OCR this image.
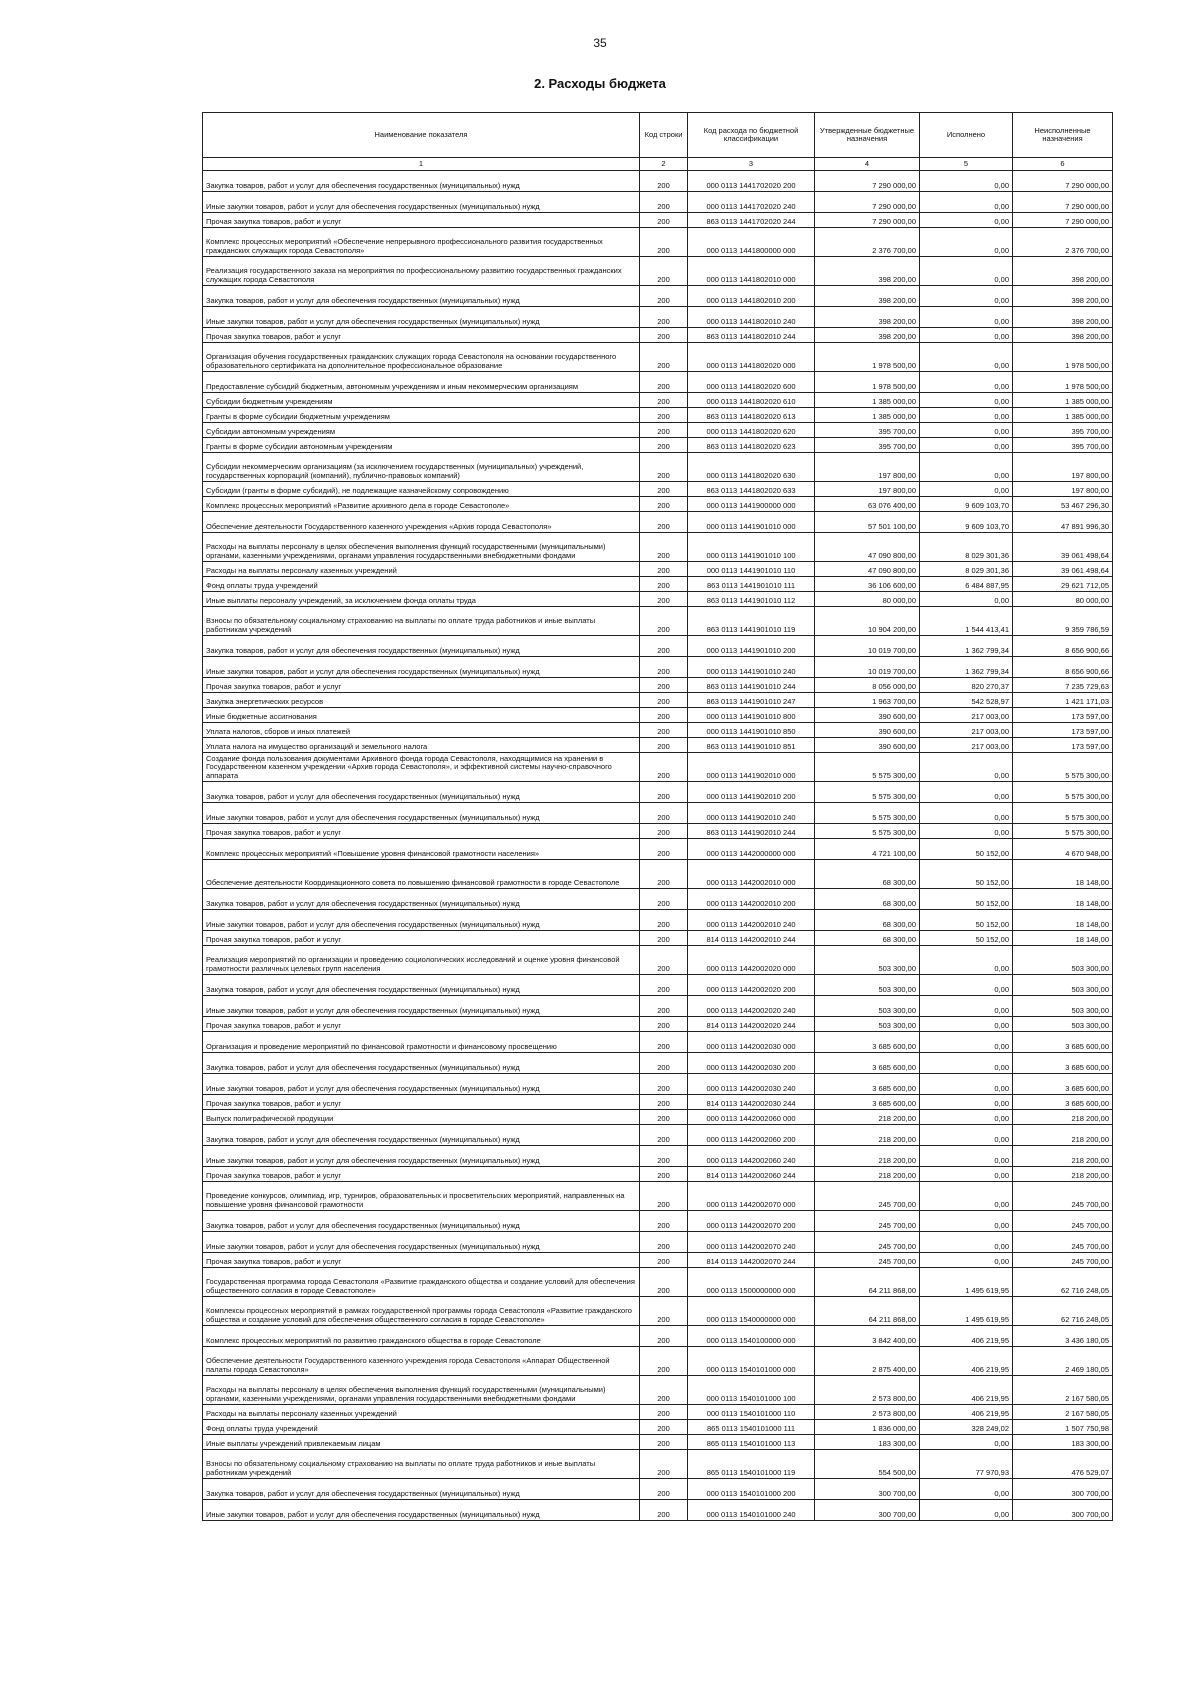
35
2. Расходы бюджета
Наименование показателя	Код строки	Код расхода по бюджетной классификации	Утвержденные бюджетные назначения	Исполнено	Неисполненные назначения
1	2	3	4	5	6
Закупка товаров, работ и услуг для обеспечения государственных (муниципальных) нужд	200	000 0113 1441702020 200	7 290 000,00	0,00	7 290 000,00
Иные закупки товаров, работ и услуг для обеспечения государственных (муниципальных) нужд	200	000 0113 1441702020 240	7 290 000,00	0,00	7 290 000,00
Прочая закупка товаров, работ и услуг	200	863 0113 1441702020 244	7 290 000,00	0,00	7 290 000,00
Комплекс процессных мероприятий «Обеспечение непрерывного профессионального развития государственных гражданских служащих города Севастополя»	200	000 0113 1441800000 000	2 376 700,00	0,00	2 376 700,00
Реализация государственного заказа на мероприятия по профессиональному развитию государственных гражданских служащих города Севастополя	200	000 0113 1441802010 000	398 200,00	0,00	398 200,00
Закупка товаров, работ и услуг для обеспечения государственных (муниципальных) нужд	200	000 0113 1441802010 200	398 200,00	0,00	398 200,00
Иные закупки товаров, работ и услуг для обеспечения государственных (муниципальных) нужд	200	000 0113 1441802010 240	398 200,00	0,00	398 200,00
Прочая закупка товаров, работ и услуг	200	863 0113 1441802010 244	398 200,00	0,00	398 200,00
Организация обучения государственных гражданских служащих города Севастополя на основании государственного образовательного сертификата на дополнительное профессиональное образование	200	000 0113 1441802020 000	1 978 500,00	0,00	1 978 500,00
Предоставление субсидий бюджетным, автономным учреждениям и иным некоммерческим организациям	200	000 0113 1441802020 600	1 978 500,00	0,00	1 978 500,00
Субсидии бюджетным учреждениям	200	000 0113 1441802020 610	1 385 000,00	0,00	1 385 000,00
Гранты в форме субсидии бюджетным учреждениям	200	863 0113 1441802020 613	1 385 000,00	0,00	1 385 000,00
Субсидии автономным учреждениям	200	000 0113 1441802020 620	395 700,00	0,00	395 700,00
Гранты в форме субсидии автономным учреждениям	200	863 0113 1441802020 623	395 700,00	0,00	395 700,00
Субсидии некоммерческим организациям (за исключением государственных (муниципальных) учреждений, государственных корпораций (компаний), публично-правовых компаний)	200	000 0113 1441802020 630	197 800,00	0,00	197 800,00
Субсидии (гранты в форме субсидий), не подлежащие казначейскому сопровождению	200	863 0113 1441802020 633	197 800,00	0,00	197 800,00
Комплекс процессных мероприятий «Развитие архивного дела в городе Севастополе»	200	000 0113 1441900000 000	63 076 400,00	9 609 103,70	53 467 296,30
Обеспечение деятельности Государственного казенного учреждения «Архив города Севастополя»	200	000 0113 1441901010 000	57 501 100,00	9 609 103,70	47 891 996,30
Расходы на выплаты персоналу в целях обеспечения выполнения функций государственными (муниципальными) органами, казенными учреждениями, органами управления государственными внебюджетными фондами	200	000 0113 1441901010 100	47 090 800,00	8 029 301,36	39 061 498,64
Расходы на выплаты персоналу казенных учреждений	200	000 0113 1441901010 110	47 090 800,00	8 029 301,36	39 061 498,64
Фонд оплаты труда учреждений	200	863 0113 1441901010 111	36 106 600,00	6 484 887,95	29 621 712,05
Иные выплаты персоналу учреждений, за исключением фонда оплаты труда	200	863 0113 1441901010 112	80 000,00	0,00	80 000,00
Взносы по обязательному социальному страхованию на выплаты по оплате труда работников и иные выплаты работникам учреждений	200	863 0113 1441901010 119	10 904 200,00	1 544 413,41	9 359 786,59
Закупка товаров, работ и услуг для обеспечения государственных (муниципальных) нужд	200	000 0113 1441901010 200	10 019 700,00	1 362 799,34	8 656 900,66
Иные закупки товаров, работ и услуг для обеспечения государственных (муниципальных) нужд	200	000 0113 1441901010 240	10 019 700,00	1 362 799,34	8 656 900,66
Прочая закупка товаров, работ и услуг	200	863 0113 1441901010 244	8 056 000,00	820 270,37	7 235 729,63
Закупка энергетических ресурсов	200	863 0113 1441901010 247	1 963 700,00	542 528,97	1 421 171,03
Иные бюджетные ассигнования	200	000 0113 1441901010 800	390 600,00	217 003,00	173 597,00
Уплата налогов, сборов и иных платежей	200	000 0113 1441901010 850	390 600,00	217 003,00	173 597,00
Уплата налога на имущество организаций и земельного налога	200	863 0113 1441901010 851	390 600,00	217 003,00	173 597,00
Создание фонда пользования документами Архивного фонда города Севастополя, находящимися на хранении в Государственном казенном учреждении «Архив города Севастополя», и эффективной системы научно-справочного аппарата	200	000 0113 1441902010 000	5 575 300,00	0,00	5 575 300,00
Закупка товаров, работ и услуг для обеспечения государственных (муниципальных) нужд	200	000 0113 1441902010 200	5 575 300,00	0,00	5 575 300,00
Иные закупки товаров, работ и услуг для обеспечения государственных (муниципальных) нужд	200	000 0113 1441902010 240	5 575 300,00	0,00	5 575 300,00
Прочая закупка товаров, работ и услуг	200	863 0113 1441902010 244	5 575 300,00	0,00	5 575 300,00
Комплекс процессных мероприятий «Повышение уровня финансовой грамотности населения»	200	000 0113 1442000000 000	4 721 100,00	50 152,00	4 670 948,00
Обеспечение деятельности Координационного совета по повышению финансовой грамотности в городе Севастополе	200	000 0113 1442002010 000	68 300,00	50 152,00	18 148,00
Закупка товаров, работ и услуг для обеспечения государственных (муниципальных) нужд	200	000 0113 1442002010 200	68 300,00	50 152,00	18 148,00
Иные закупки товаров, работ и услуг для обеспечения государственных (муниципальных) нужд	200	000 0113 1442002010 240	68 300,00	50 152,00	18 148,00
Прочая закупка товаров, работ и услуг	200	814 0113 1442002010 244	68 300,00	50 152,00	18 148,00
Реализация мероприятий по организации и проведению социологических исследований и оценке уровня финансовой грамотности различных целевых групп населения	200	000 0113 1442002020 000	503 300,00	0,00	503 300,00
Закупка товаров, работ и услуг для обеспечения государственных (муниципальных) нужд	200	000 0113 1442002020 200	503 300,00	0,00	503 300,00
Иные закупки товаров, работ и услуг для обеспечения государственных (муниципальных) нужд	200	000 0113 1442002020 240	503 300,00	0,00	503 300,00
Прочая закупка товаров, работ и услуг	200	814 0113 1442002020 244	503 300,00	0,00	503 300,00
Организация и проведение мероприятий по финансовой грамотности и финансовому просвещению	200	000 0113 1442002030 000	3 685 600,00	0,00	3 685 600,00
Закупка товаров, работ и услуг для обеспечения государственных (муниципальных) нужд	200	000 0113 1442002030 200	3 685 600,00	0,00	3 685 600,00
Иные закупки товаров, работ и услуг для обеспечения государственных (муниципальных) нужд	200	000 0113 1442002030 240	3 685 600,00	0,00	3 685 600,00
Прочая закупка товаров, работ и услуг	200	814 0113 1442002030 244	3 685 600,00	0,00	3 685 600,00
Выпуск полиграфической продукции	200	000 0113 1442002060 000	218 200,00	0,00	218 200,00
Закупка товаров, работ и услуг для обеспечения государственных (муниципальных) нужд	200	000 0113 1442002060 200	218 200,00	0,00	218 200,00
Иные закупки товаров, работ и услуг для обеспечения государственных (муниципальных) нужд	200	000 0113 1442002060 240	218 200,00	0,00	218 200,00
Прочая закупка товаров, работ и услуг	200	814 0113 1442002060 244	218 200,00	0,00	218 200,00
Проведение конкурсов, олимпиад, игр, турниров, образовательных и просветительских мероприятий, направленных на повышение уровня финансовой грамотности	200	000 0113 1442002070 000	245 700,00	0,00	245 700,00
Закупка товаров, работ и услуг для обеспечения государственных (муниципальных) нужд	200	000 0113 1442002070 200	245 700,00	0,00	245 700,00
Иные закупки товаров, работ и услуг для обеспечения государственных (муниципальных) нужд	200	000 0113 1442002070 240	245 700,00	0,00	245 700,00
Прочая закупка товаров, работ и услуг	200	814 0113 1442002070 244	245 700,00	0,00	245 700,00
Государственная программа города Севастополя «Развитие гражданского общества и создание условий для обеспечения общественного согласия в городе Севастополе»	200	000 0113 1500000000 000	64 211 868,00	1 495 619,95	62 716 248,05
Комплексы процессных мероприятий в рамках государственной программы города Севастополя «Развитие гражданского общества и создание условий для обеспечения общественного согласия в городе Севастополе»	200	000 0113 1540000000 000	64 211 868,00	1 495 619,95	62 716 248,05
Комплекс процессных мероприятий по развитию гражданского общества в городе Севастополе	200	000 0113 1540100000 000	3 842 400,00	406 219,95	3 436 180,05
Обеспечение деятельности Государственного казенного учреждения города Севастополя «Аппарат Общественной палаты города Севастополя»	200	000 0113 1540101000 000	2 875 400,00	406 219,95	2 469 180,05
Расходы на выплаты персоналу в целях обеспечения выполнения функций государственными (муниципальными) органами, казенными учреждениями, органами управления государственными внебюджетными фондами	200	000 0113 1540101000 100	2 573 800,00	406 219,95	2 167 580,05
Расходы на выплаты персоналу казенных учреждений	200	000 0113 1540101000 110	2 573 800,00	406 219,95	2 167 580,05
Фонд оплаты труда учреждений	200	865 0113 1540101000 111	1 836 000,00	328 249,02	1 507 750,98
Иные выплаты учреждений привлекаемым лицам	200	865 0113 1540101000 113	183 300,00	0,00	183 300,00
Взносы по обязательному социальному страхованию на выплаты по оплате труда работников и иные выплаты работникам учреждений	200	865 0113 1540101000 119	554 500,00	77 970,93	476 529,07
Закупка товаров, работ и услуг для обеспечения государственных (муниципальных) нужд	200	000 0113 1540101000 200	300 700,00	0,00	300 700,00
Иные закупки товаров, работ и услуг для обеспечения государственных (муниципальных) нужд	200	000 0113 1540101000 240	300 700,00	0,00	300 700,00
